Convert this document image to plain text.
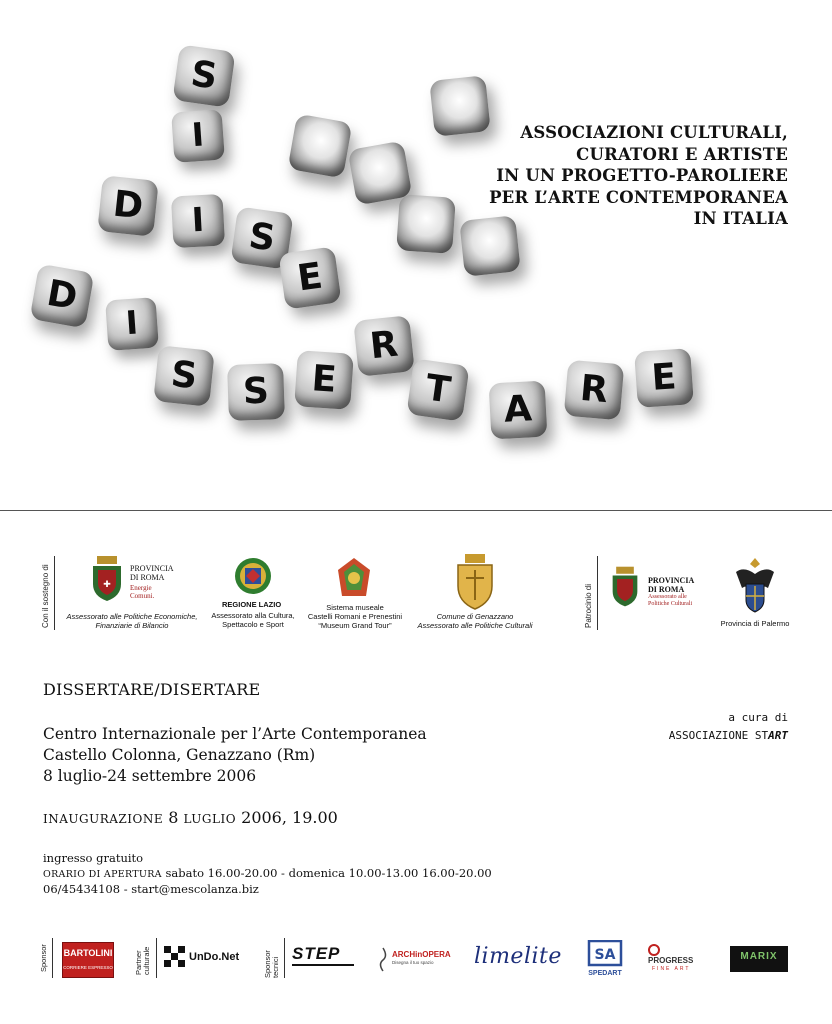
S
I
D I S
E
D
I
S S E
R
T A R E
ASSOCIAZIONI CULTURALI,
CURATORI E ARTISTE
IN UN PROGETTO-PAROLIERE
PER L’ARTE CONTEMPORANEA
IN ITALIA
Con il sostegno di	✚
PROVINCIA
DI ROMA
Energie
Comuni.
Assessorato alle Politiche Economiche,
Finanziarie di Bilancio
REGIONE LAZIO
Assessorato alla Cultura,
Spettacolo e Sport
Sistema museale
Castelli Romani e Prenestini
“Museum Grand Tour”
Comune di Genazzano
Assessorato alle Politiche Culturali	Patrocinio di
PROVINCIA
DI ROMA
Assessorato alle
Politiche Culturali
Provincia di Palermo
DISSERTARE/DISERTARE
Centro Internazionale per l’Arte Contemporanea
Castello Colonna, Genazzano (Rm)
8 luglio-24 settembre 2006
a cura di
ASSOCIAZIONE START
INAUGURAZIONE 8 LUGLIO 2006, 19.00
ingresso gratuito
ORARIO DI APERTURA sabato 16.00-20.00 - domenica 10.00-13.00 16.00-20.00
06/45434108 - start@mescolanza.biz
Sponsor BARTOLINI
CORRIERE ESPRESSO	Partner
culturale	UnDo.Net	Sponsor
tecnici
STEP	ARCHinOPERA
Disegna il tuo spazio limelite SA
SPEDART
PROGRESS
FINE ART
MARIX
